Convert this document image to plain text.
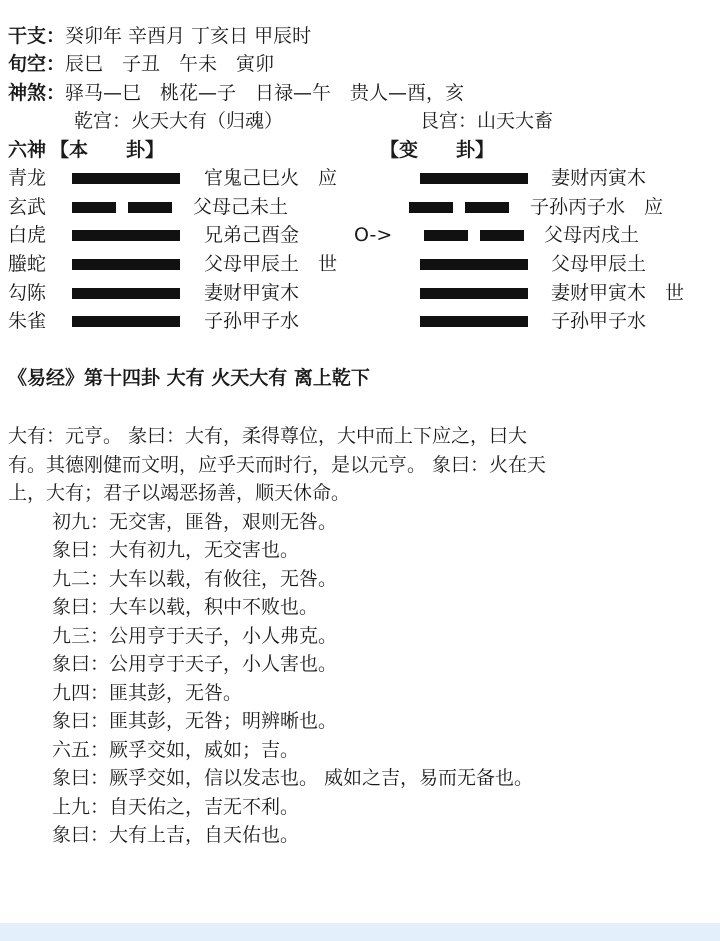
干支：癸卯年 辛酉月 丁亥日 甲辰时
旬空：辰巳　子丑　午未　寅卯
神煞：驿马—巳　桃花—子　日禄—午　贵人—酉，亥
乾宫：火天大有（归魂）	艮宫：山天大畜
六神 【本　　卦】	【变　　卦】
青龙	官鬼己巳火　应	妻财丙寅木
玄武	父母己未土	子孙丙子水　应
白虎	兄弟己酉金	O->	父母丙戌土
螣蛇	父母甲辰土　世	父母甲辰土
勾陈	妻财甲寅木	妻财甲寅木　世
朱雀	子孙甲子水	子孙甲子水
《易经》第十四卦 大有 火天大有 离上乾下
大有：元亨。 彖曰：大有，柔得尊位，大中而上下应之，曰大
有。其德刚健而文明，应乎天而时行，是以元亨。 象曰：火在天
上，大有；君子以竭恶扬善，顺天休命。
初九：无交害，匪咎，艰则无咎。
象曰：大有初九，无交害也。
九二：大车以载，有攸往，无咎。
象曰：大车以载，积中不败也。
九三：公用亨于天子，小人弗克。
象曰：公用亨于天子，小人害也。
九四：匪其彭，无咎。
象曰：匪其彭，无咎；明辨晰也。
六五：厥孚交如，威如；吉。
象曰：厥孚交如，信以发志也。 威如之吉，易而无备也。
上九：自天佑之，吉无不利。
象曰：大有上吉，自天佑也。
